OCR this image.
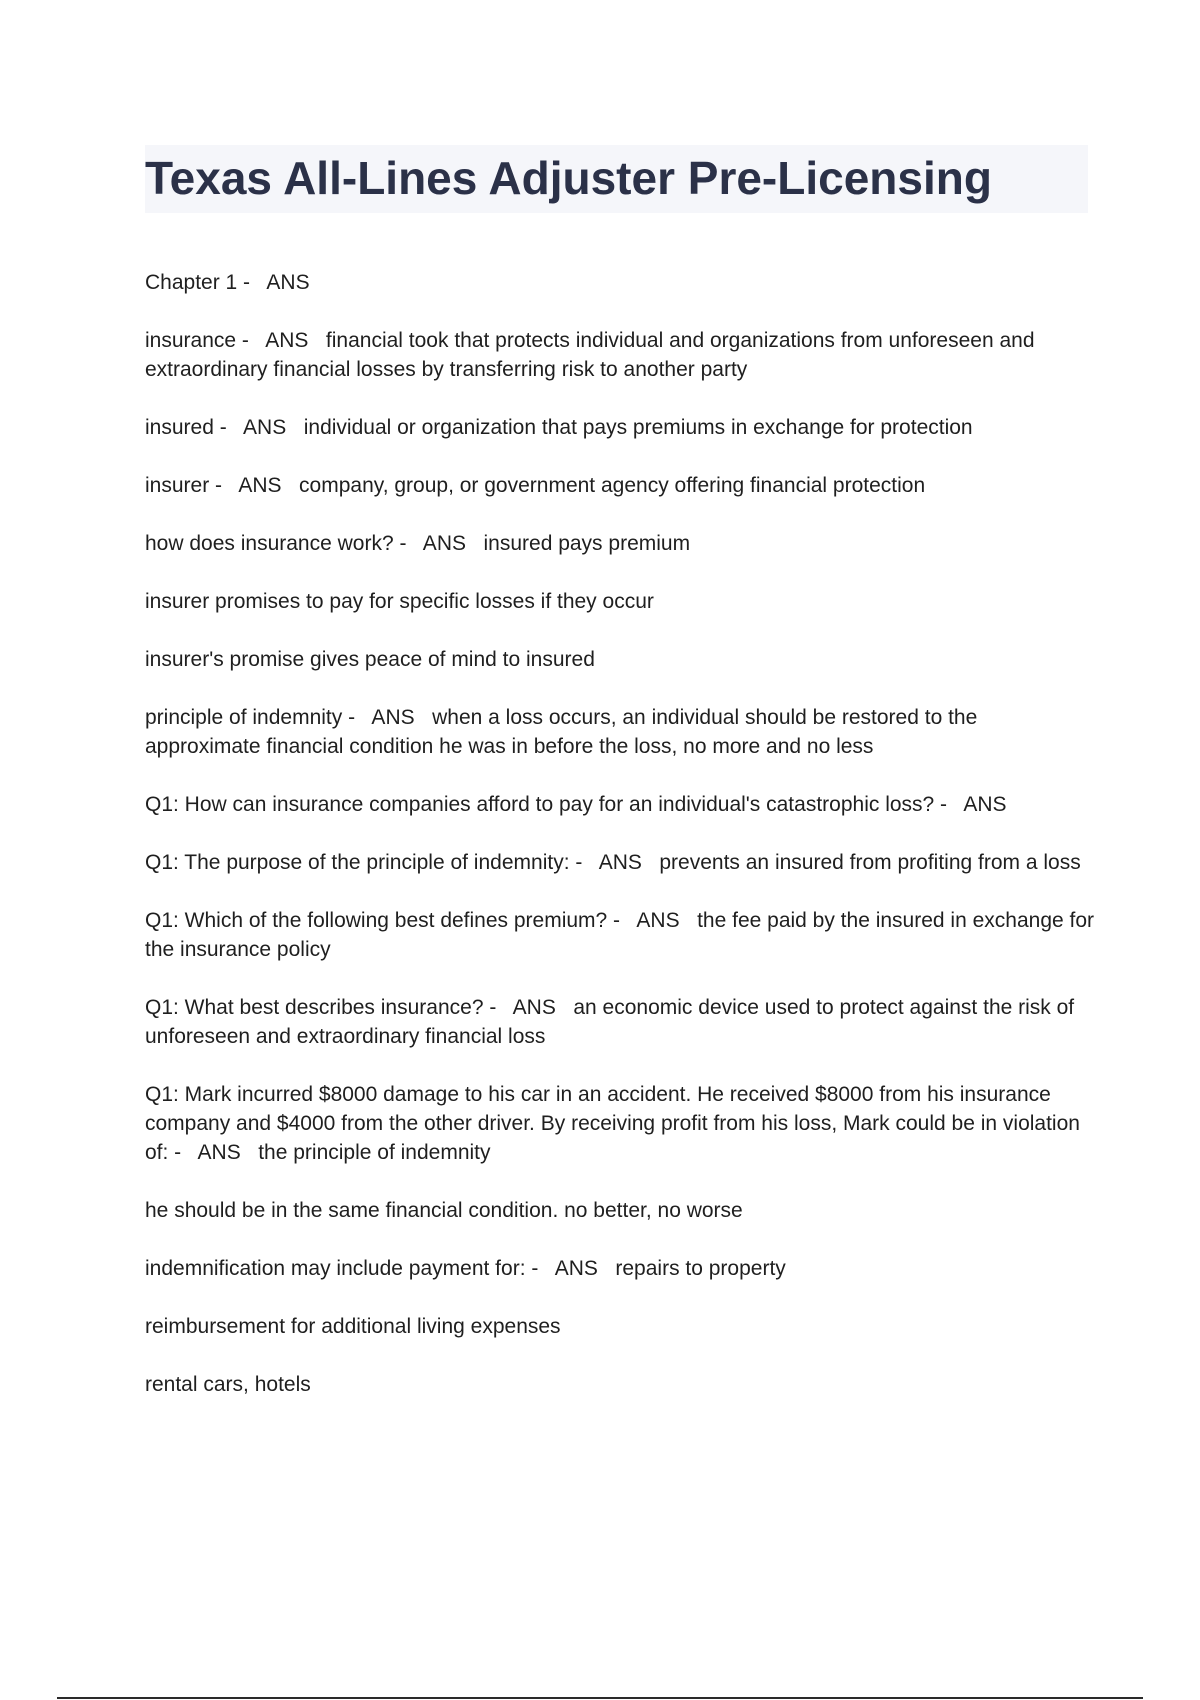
Texas All-Lines Adjuster Pre-Licensing

Chapter 1 -   ANS

insurance -   ANS   financial took that protects individual and organizations from unforeseen and extraordinary financial losses by transferring risk to another party

insured -   ANS   individual or organization that pays premiums in exchange for protection

insurer -   ANS   company, group, or government agency offering financial protection

how does insurance work? -   ANS   insured pays premium

insurer promises to pay for specific losses if they occur

insurer's promise gives peace of mind to insured

principle of indemnity -   ANS   when a loss occurs, an individual should be restored to the approximate financial condition he was in before the loss, no more and no less

Q1: How can insurance companies afford to pay for an individual's catastrophic loss? -   ANS

Q1: The purpose of the principle of indemnity: -   ANS   prevents an insured from profiting from a loss

Q1: Which of the following best defines premium? -   ANS   the fee paid by the insured in exchange for the insurance policy

Q1: What best describes insurance? -   ANS   an economic device used to protect against the risk of unforeseen and extraordinary financial loss

Q1: Mark incurred $8000 damage to his car in an accident. He received $8000 from his insurance company and $4000 from the other driver. By receiving profit from his loss, Mark could be in violation of: -   ANS   the principle of indemnity

he should be in the same financial condition. no better, no worse

indemnification may include payment for: -   ANS   repairs to property

reimbursement for additional living expenses

rental cars, hotels
